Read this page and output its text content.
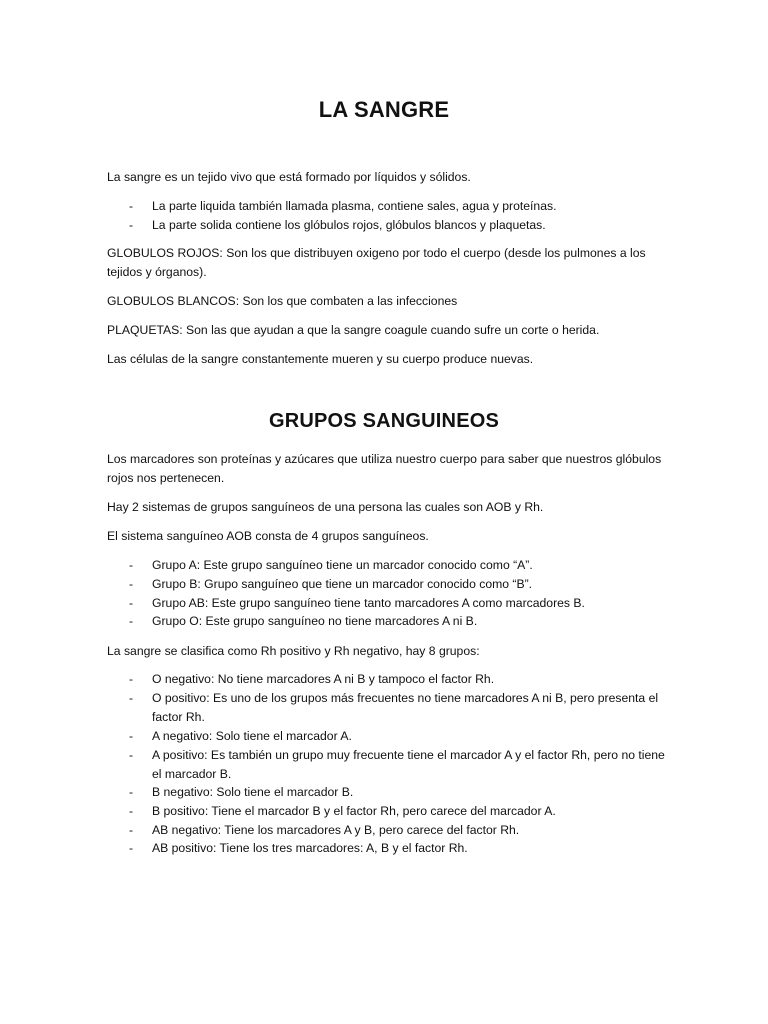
LA SANGRE
La sangre es un tejido vivo que está formado por líquidos y sólidos.
- La parte liquida también llamada plasma, contiene sales, agua y proteínas.
- La parte solida contiene los glóbulos rojos, glóbulos blancos y plaquetas.
GLOBULOS ROJOS: Son los que distribuyen oxigeno por todo el cuerpo (desde los pulmones a los tejidos y órganos).
GLOBULOS BLANCOS: Son los que combaten a las infecciones
PLAQUETAS: Son las que ayudan a que la sangre coagule cuando sufre un corte o herida.
Las células de la sangre constantemente mueren y su cuerpo produce nuevas.
GRUPOS SANGUINEOS
Los marcadores son proteínas y azúcares que utiliza nuestro cuerpo para saber que nuestros glóbulos rojos nos pertenecen.
Hay 2 sistemas de grupos sanguíneos de una persona las cuales son AOB y Rh.
El sistema sanguíneo AOB consta de 4 grupos sanguíneos.
- Grupo A: Este grupo sanguíneo tiene un marcador conocido como “A”.
- Grupo B: Grupo sanguíneo que tiene un marcador conocido como “B”.
- Grupo AB: Este grupo sanguíneo tiene tanto marcadores A como marcadores B.
- Grupo O: Este grupo sanguíneo no tiene marcadores A ni B.
La sangre se clasifica como Rh positivo y Rh negativo, hay 8 grupos:
- O negativo: No tiene marcadores A ni B y tampoco el factor Rh.
- O positivo: Es uno de los grupos más frecuentes no tiene marcadores A ni B, pero presenta el factor Rh.
- A negativo: Solo tiene el marcador A.
- A positivo: Es también un grupo muy frecuente tiene el marcador A y el factor Rh, pero no tiene el marcador B.
- B negativo: Solo tiene el marcador B.
- B positivo: Tiene el marcador B y el factor Rh, pero carece del marcador A.
- AB negativo: Tiene los marcadores A y B, pero carece del factor Rh.
- AB positivo: Tiene los tres marcadores: A, B y el factor Rh.
